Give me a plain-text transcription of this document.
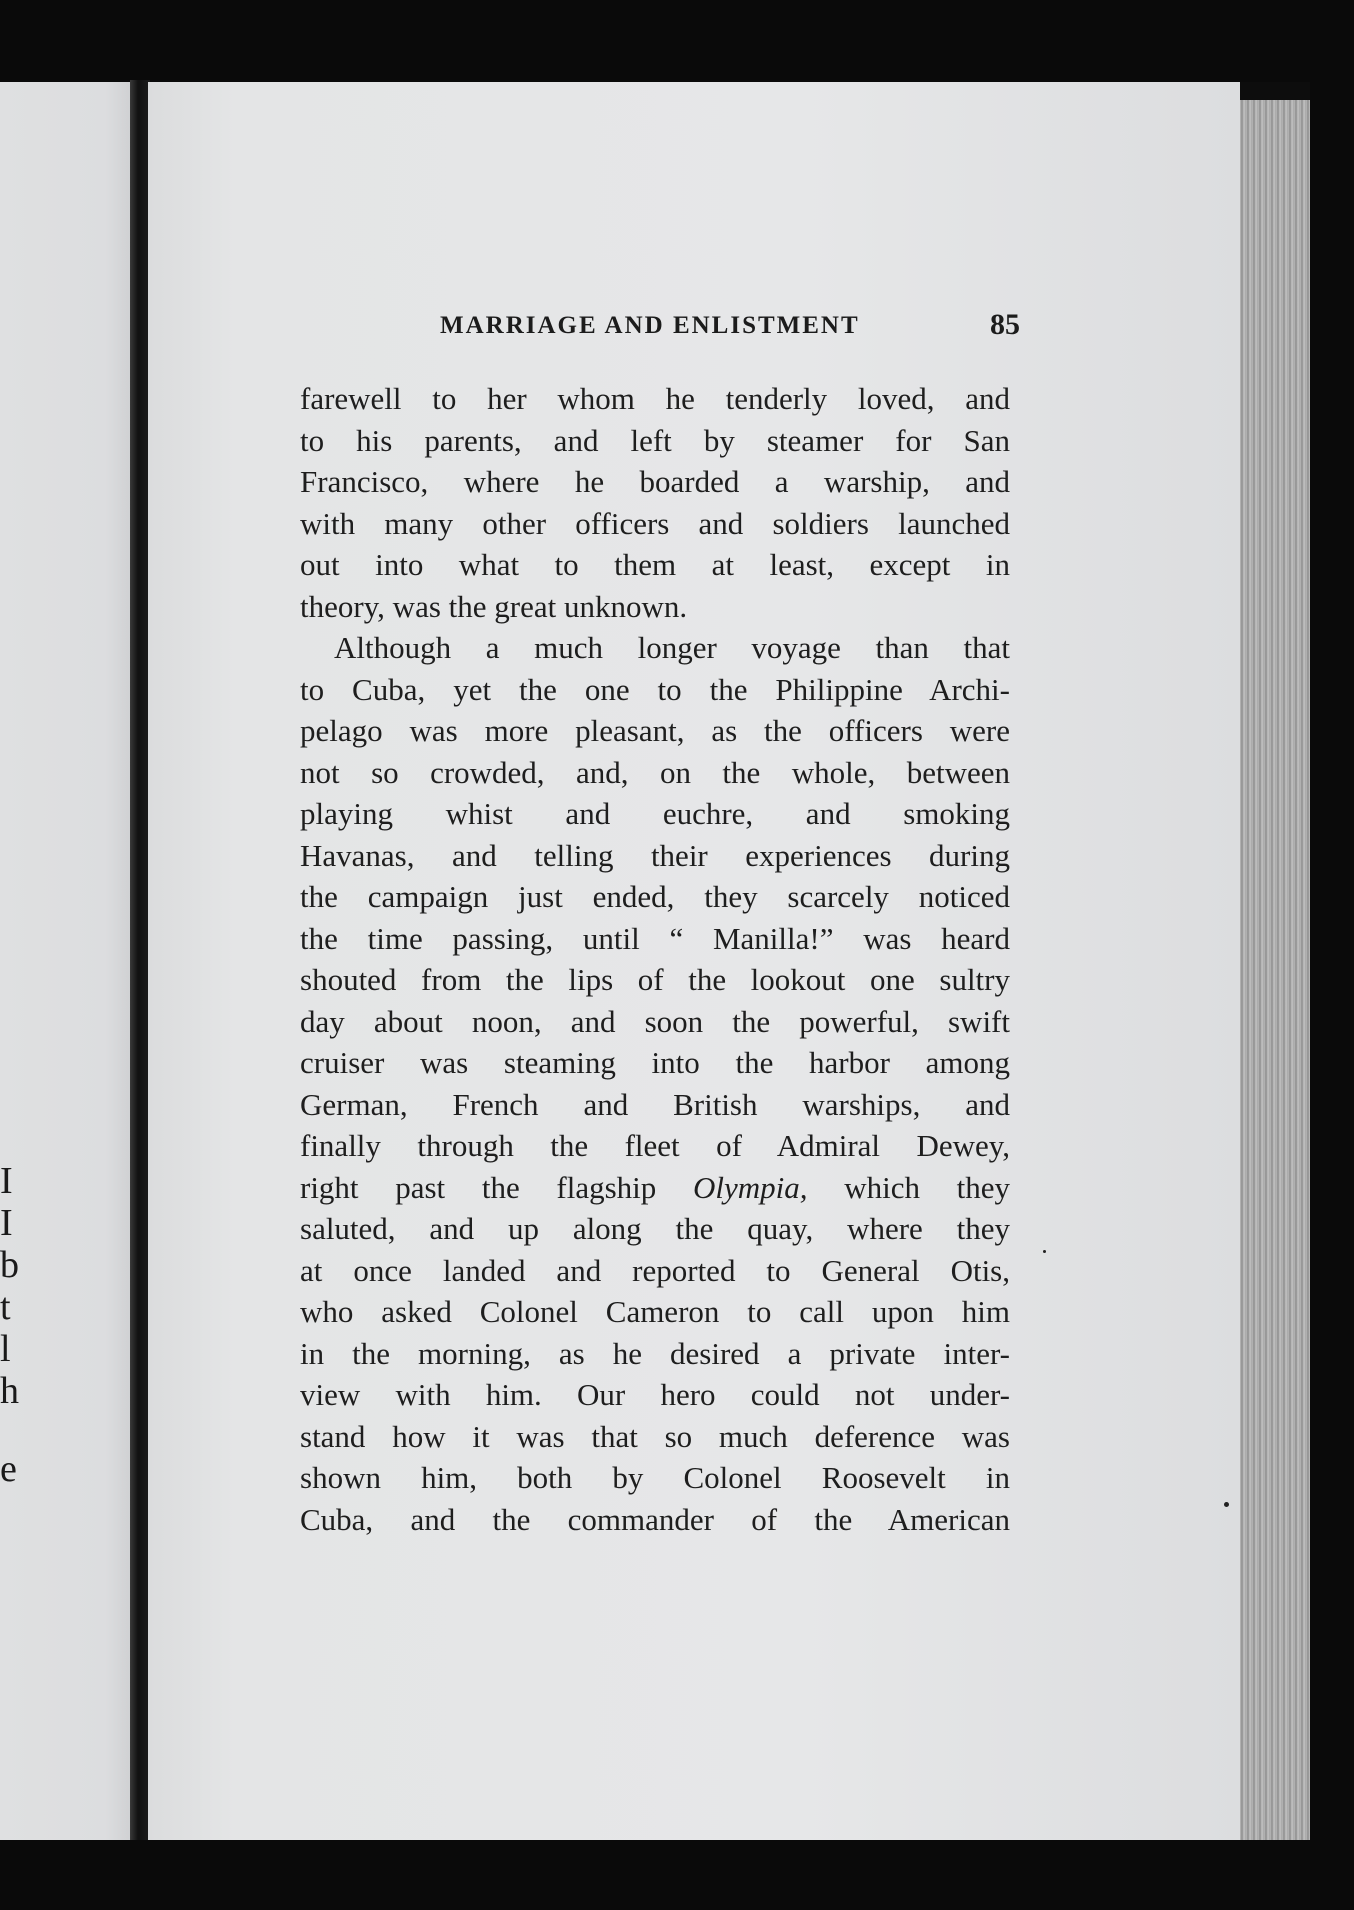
I
I
b
t
l
h
e
MARRIAGE AND ENLISTMENT	85
farewell to her whom he tenderly loved, and
to his parents, and left by steamer for San
Francisco, where he boarded a warship, and
with many other officers and soldiers launched
out into what to them at least, except in
theory, was the great unknown.
Although a much longer voyage than that
to Cuba, yet the one to the Philippine Archi-
pelago was more pleasant, as the officers were
not so crowded, and, on the whole, between
playing whist and euchre, and smoking
Havanas, and telling their experiences during
the campaign just ended, they scarcely noticed
the time passing, until “ Manilla!” was heard
shouted from the lips of the lookout one sultry
day about noon, and soon the powerful, swift
cruiser was steaming into the harbor among
German, French and British warships, and
finally through the fleet of Admiral Dewey,
right past the flagship Olympia, which they
saluted, and up along the quay, where they
at once landed and reported to General Otis,
who asked Colonel Cameron to call upon him
in the morning, as he desired a private inter-
view with him. Our hero could not under-
stand how it was that so much deference was
shown him, both by Colonel Roosevelt in
Cuba, and the commander of the American
